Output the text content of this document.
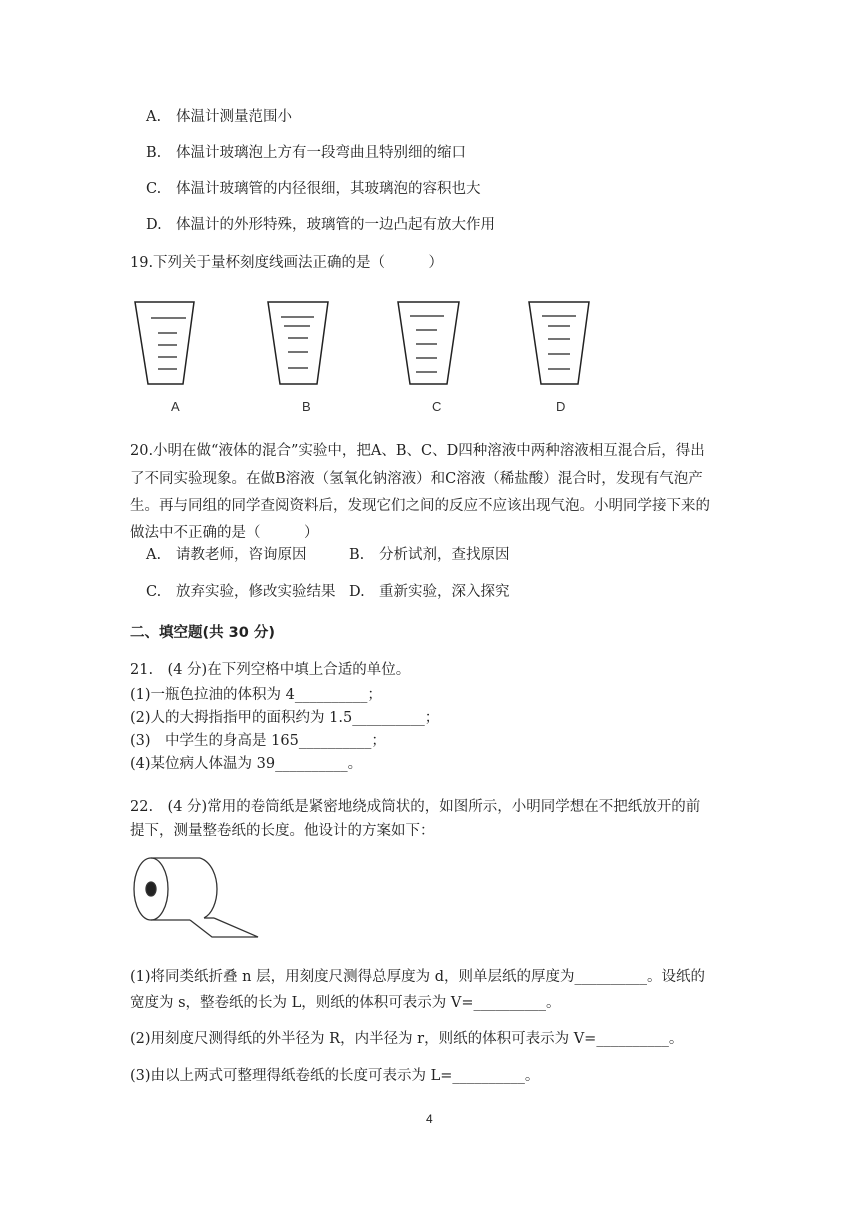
A. 体温计测量范围小
B. 体温计玻璃泡上方有一段弯曲且特别细的缩口
C. 体温计玻璃管的内径很细，其玻璃泡的容积也大
D. 体温计的外形特殊，玻璃管的一边凸起有放大作用
19.下列关于量杯刻度线画法正确的是（　　　）
A	B	C	D
20.小明在做“液体的混合”实验中，把A、B、C、D四种溶液中两种溶液相互混合后，得出
了不同实验现象。在做B溶液（氢氧化钠溶液）和C溶液（稀盐酸）混合时，发现有气泡产
生。再与同组的同学查阅资料后，发现它们之间的反应不应该出现气泡。小明同学接下来的
做法中不正确的是（　　　）
A. 请教老师，咨询原因	B. 分析试剂，查找原因
C. 放弃实验，修改实验结果 D. 重新实验，深入探究
二、填空题(共 30 分)
21.　(4 分)在下列空格中填上合适的单位。
(1)一瓶色拉油的体积为 4__________；
(2)人的大拇指指甲的面积约为 1.5__________；
(3)　中学生的身高是 165__________；
(4)某位病人体温为 39__________。
22.　(4 分)常用的卷筒纸是紧密地绕成筒状的，如图所示，小明同学想在不把纸放开的前
提下，测量整卷纸的长度。他设计的方案如下：
(1)将同类纸折叠 n 层，用刻度尺测得总厚度为 d，则单层纸的厚度为__________。设纸的
宽度为 s，整卷纸的长为 L，则纸的体积可表示为 V=__________。
(2)用刻度尺测得纸的外半径为 R，内半径为 r，则纸的体积可表示为 V=__________。
(3)由以上两式可整理得纸卷纸的长度可表示为 L=__________。
4
